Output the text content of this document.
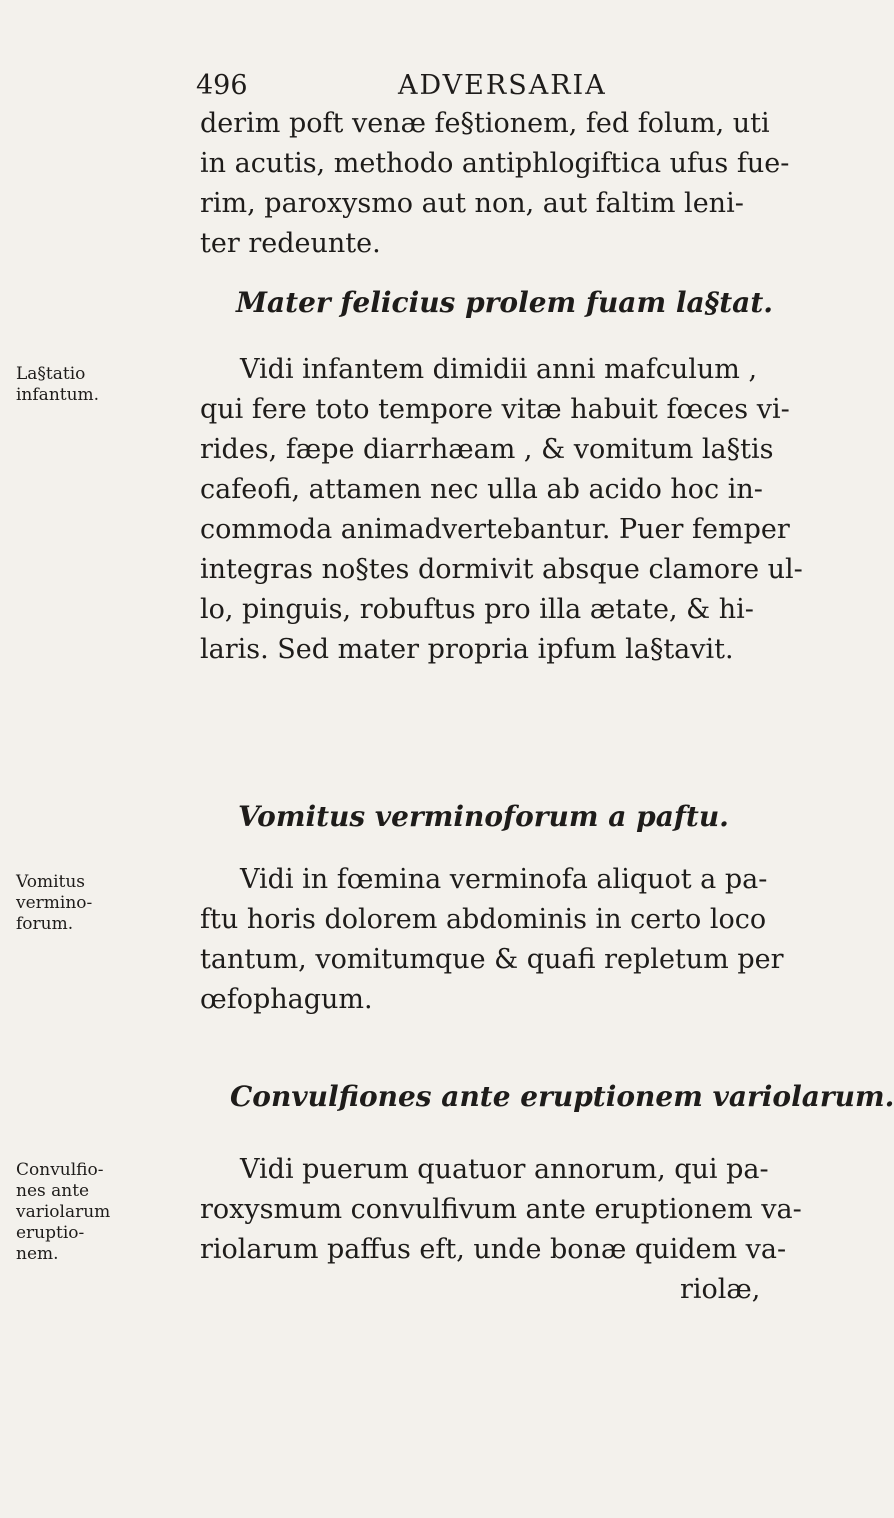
496	ADVERSARIA
derim poft venæ fe§tionem, fed folum, uti
in acutis, methodo antiphlogiftica ufus fue-
rim, paroxysmo aut non, aut faltim leni-
ter redeunte.
Mater felicius prolem fuam la§tat.
La§tatio
infantum.
Vidi infantem dimidii anni mafculum ,
qui fere toto tempore vitæ habuit fœces vi-
rides, fæpe diarrhæam , & vomitum la§tis
cafeofi, attamen nec ulla ab acido hoc in-
commoda animadvertebantur. Puer femper
integras no§tes dormivit absque clamore ul-
lo, pinguis, robuftus pro illa ætate, & hi-
laris. Sed mater propria ipfum la§tavit.
Vomitus verminoforum a paftu.
Vomitus
vermino-
forum.
Vidi in fœmina verminofa aliquot a pa-
ftu horis dolorem abdominis in certo loco
tantum, vomitumque & quafi repletum per
œfophagum.
Convulfiones ante eruptionem variolarum.
Convulfio-
nes ante
variolarum
eruptio-
nem.
Vidi puerum quatuor annorum, qui pa-
roxysmum convulfivum ante eruptionem va-
riolarum paffus eft, unde bonæ quidem va-
riolæ,
